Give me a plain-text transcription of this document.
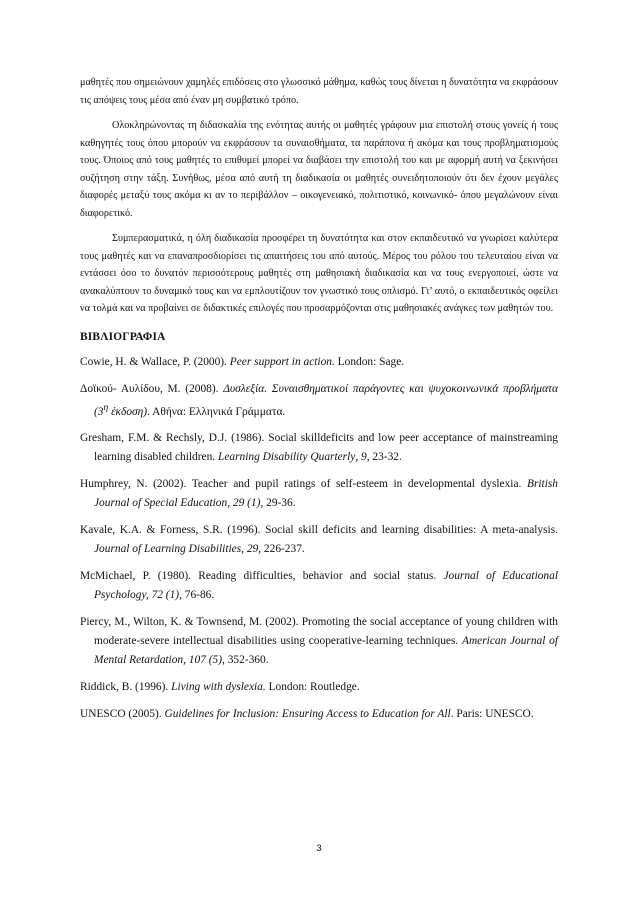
μαθητές που σημειώνουν χαμηλές επιδόσεις στο γλωσσικό μάθημα, καθώς τους δίνεται η δυνατότητα να εκφράσουν τις απόψεις τους μέσα από έναν μη συμβατικό τρόπο.

Ολοκληρώνοντας τη διδασκαλία της ενότητας αυτής οι μαθητές γράφουν μια επιστολή στους γονείς ή τους καθηγητές τους όπου μπορούν να εκφράσουν τα συναισθήματα, τα παράπονα ή ακόμα και τους προβληματισμούς τους. Όποιος από τους μαθητές το επιθυμεί μπορεί να διαβάσει την επιστολή του και με αφορμή αυτή να ξεκινήσει συζήτηση στην τάξη. Συνήθως, μέσα από αυτή τη διαδικασία οι μαθητές συνειδητοποιούν ότι δεν έχουν μεγάλες διαφορές μεταξύ τους ακόμα κι αν το περιβάλλον – οικογενειακό, πολιτιστικό, κοινωνικό- όπου μεγαλώνουν είναι διαφορετικό.

Συμπερασματικά, η όλη διαδικασία προσφέρει τη δυνατότητα και στον εκπαιδευτικό να γνωρίσει καλύτερα τους μαθητές και να επαναπροσδιορίσει τις απαιτήσεις του από αυτούς. Μέρος του ρόλου του τελευταίου είναι να εντάσσει όσο το δυνατόν περισσότερους μαθητές στη μαθησιακή διαδικασία και να τους ενεργοποιεί, ώστε να ανακαλύπτουν το δυναμικό τους και να εμπλουτίζουν τον γνωστικό τους οπλισμό. Γι’ αυτό, ο εκπαιδευτικός οφείλει να τολμά και να προβαίνει σε διδακτικές επιλογές που προσαρμόζονται στις μαθησιακές ανάγκες των μαθητών του.

ΒΙΒΛΙΟΓΡΑΦΙΑ

Cowie, H. & Wallace, P. (2000). Peer support in action. London: Sage.

Δοϊκού- Αυλίδου, Μ. (2008). Δυσλεξία. Συναισθηματικοί παράγοντες και ψυχοκοινωνικά προβλήματα ($3^\eta$ έκδοση). Αθήνα: Ελληνικά Γράμματα.

Gresham, F.M. & Rechsly, D.J. (1986). Social skilldeficits and low peer acceptance of mainstreaming learning disabled children. Learning Disability Quarterly, 9, 23-32.

Humphrey, N. (2002). Teacher and pupil ratings of self-esteem in developmental dyslexia. British Journal of Special Education, 29 (1), 29-36.

Kavale, K.A. & Forness, S.R. (1996). Social skill deficits and learning disabilities: A meta-analysis. Journal of Learning Disabilities, 29, 226-237.

McMichael, P. (1980). Reading difficulties, behavior and social status. Journal of Educational Psychology, 72 (1), 76-86.

Piercy, M., Wilton, K. & Townsend, M. (2002). Promoting the social acceptance of young children with moderate-severe intellectual disabilities using cooperative-learning techniques. American Journal of Mental Retardation, 107 (5), 352-360.

Riddick, B. (1996). Living with dyslexia. London: Routledge.

UNESCO (2005). Guidelines for Inclusion: Ensuring Access to Education for All. Paris: UNESCO.

3
